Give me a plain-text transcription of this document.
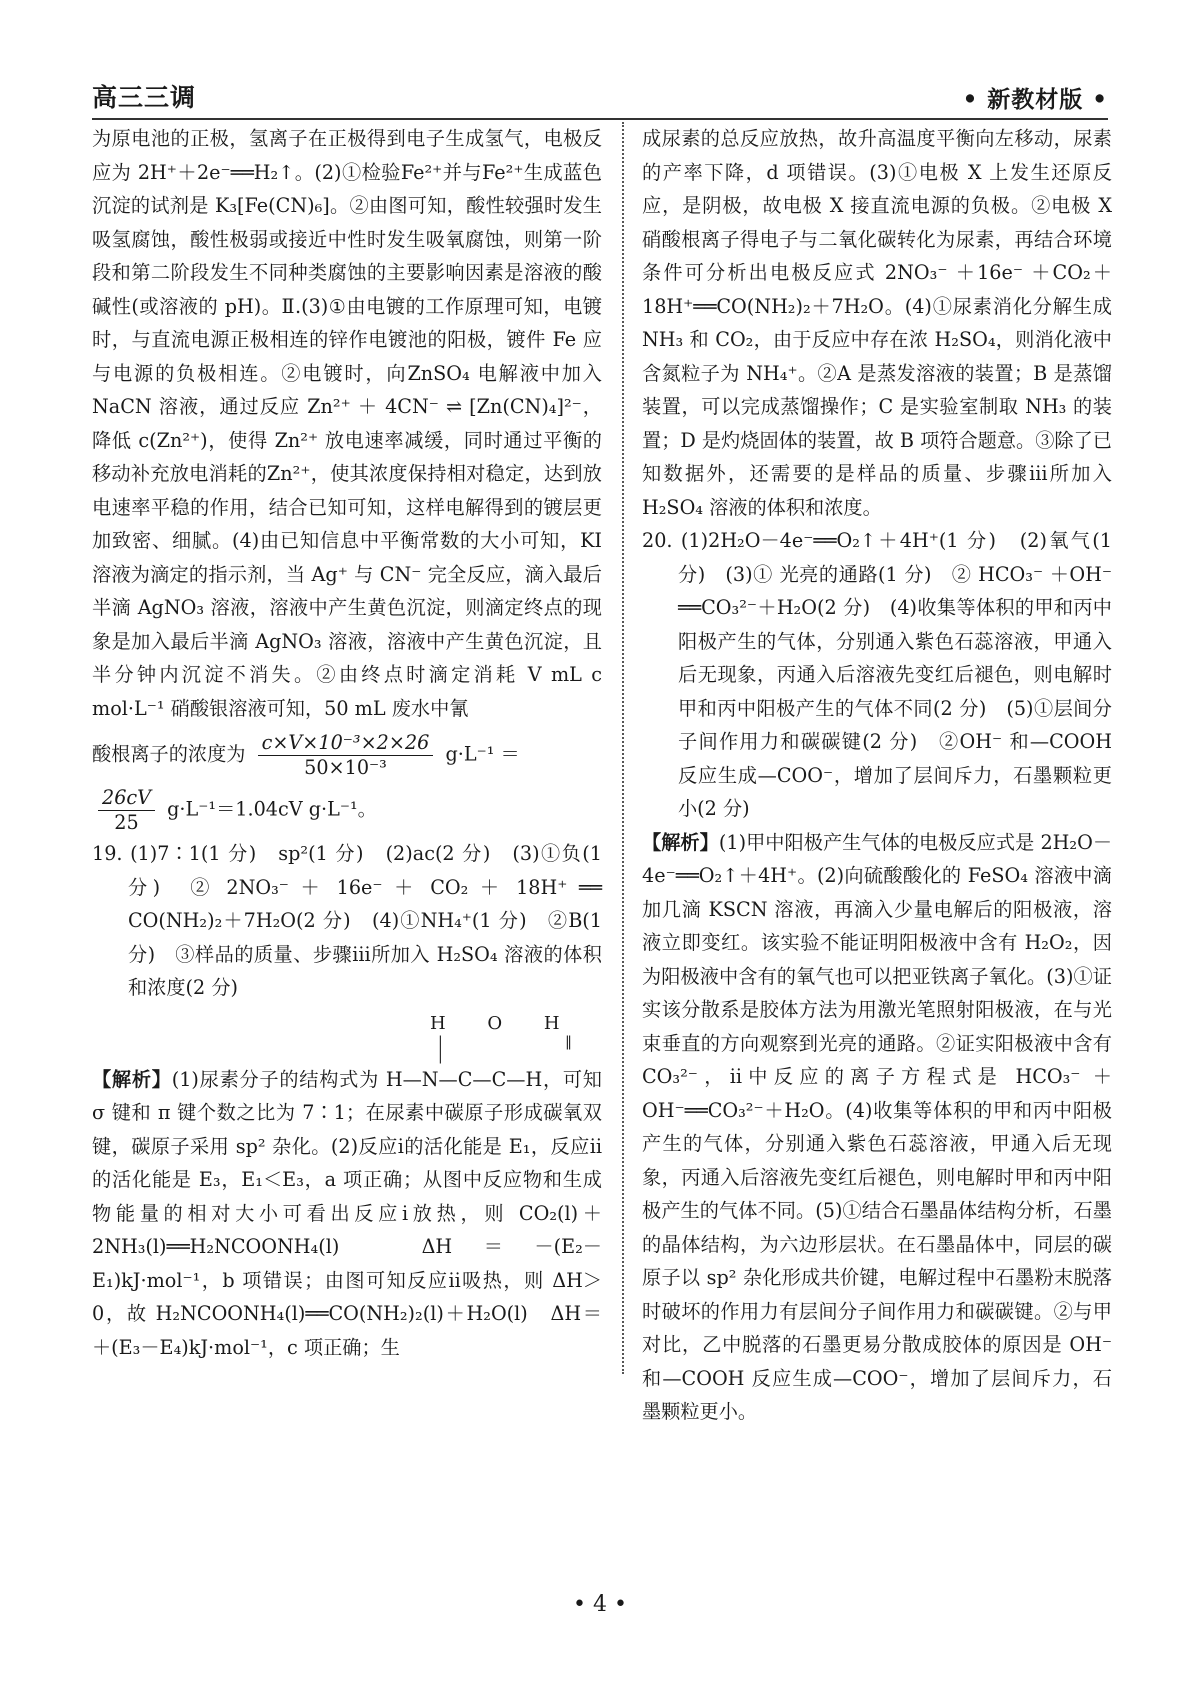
高三三调	• 新教材版 •

为原电池的正极，氢离子在正极得到电子生成氢气，电极反应为 2H⁺＋2e⁻══H₂↑。(2)①检验Fe²⁺并与Fe²⁺生成蓝色沉淀的试剂是 K₃[Fe(CN)₆]。②由图可知，酸性较强时发生吸氢腐蚀，酸性极弱或接近中性时发生吸氧腐蚀，则第一阶段和第二阶段发生不同种类腐蚀的主要影响因素是溶液的酸碱性(或溶液的 pH)。Ⅱ.(3)①由电镀的工作原理可知，电镀时，与直流电源正极相连的锌作电镀池的阳极，镀件 Fe 应与电源的负极相连。②电镀时，向ZnSO₄ 电解液中加入 NaCN 溶液，通过反应 Zn²⁺ ＋ 4CN⁻ ⇌ [Zn(CN)₄]²⁻，降低 c(Zn²⁺)，使得 Zn²⁺ 放电速率减缓，同时通过平衡的移动补充放电消耗的Zn²⁺，使其浓度保持相对稳定，达到放电速率平稳的作用，结合已知可知，这样电解得到的镀层更加致密、细腻。(4)由已知信息中平衡常数的大小可知，KI 溶液为滴定的指示剂，当 Ag⁺ 与 CN⁻ 完全反应，滴入最后半滴 AgNO₃ 溶液，溶液中产生黄色沉淀，则滴定终点的现象是加入最后半滴 AgNO₃ 溶液，溶液中产生黄色沉淀，且半分钟内沉淀不消失。②由终点时滴定消耗 V mL c mol·L⁻¹ 硝酸银溶液可知，50 mL 废水中氰

酸根离子的浓度为 $\frac{\text{c×V×10⁻³×2×26}}{\text{50×10⁻³}} g\cdot L^{-1}$ ＝
$\frac{26cV}{25} g\cdot L^{-1}=1.04cV$ g·L⁻¹。

19. (1)7∶1(1 分)　sp²(1 分)　(2)ac(2 分)　(3)①负(1 分)　② 2NO₃⁻ ＋ 16e⁻ ＋ CO₂ ＋ 18H⁺ ══ CO(NH₂)₂＋7H₂O(2 分)　(4)①NH₄⁺(1 分)　②B(1 分)　③样品的质量、步骤ⅲ所加入 H₂SO₄ 溶液的体积和浓度(2 分)

H O H
| ‖ |

【解析】(1)尿素分子的结构式为 H—N—C—C—H，可知 σ 键和 π 键个数之比为 7∶1；在尿素中碳原子形成碳氧双键，碳原子采用 sp² 杂化。(2)反应ⅰ的活化能是 E₁，反应ⅱ的活化能是 E₃，E₁＜E₃，a 项正确；从图中反应物和生成物能量的相对大小可看出反应ⅰ放热，则 CO₂(l)＋2NH₃(l)══H₂NCOONH₄(l)　ΔH＝－(E₂－E₁)kJ·mol⁻¹，b 项错误；由图可知反应ⅱ吸热，则 ΔH＞0，故 H₂NCOONH₄(l)══CO(NH₂)₂(l)＋H₂O(l)　ΔH＝＋(E₃－E₄)kJ·mol⁻¹，c 项正确；生

成尿素的总反应放热，故升高温度平衡向左移动，尿素的产率下降，d 项错误。(3)①电极 X 上发生还原反应，是阴极，故电极 X 接直流电源的负极。②电极 X 硝酸根离子得电子与二氧化碳转化为尿素，再结合环境条件可分析出电极反应式 2NO₃⁻ ＋16e⁻ ＋CO₂＋18H⁺══CO(NH₂)₂＋7H₂O。(4)①尿素消化分解生成 NH₃ 和 CO₂，由于反应中存在浓 H₂SO₄，则消化液中含氮粒子为 NH₄⁺。②A 是蒸发溶液的装置；B 是蒸馏装置，可以完成蒸馏操作；C 是实验室制取 NH₃ 的装置；D 是灼烧固体的装置，故 B 项符合题意。③除了已知数据外，还需要的是样品的质量、步骤ⅲ所加入 H₂SO₄ 溶液的体积和浓度。

20. (1)2H₂O－4e⁻══O₂↑＋4H⁺(1 分)　(2)氧气(1 分)　(3)① 光亮的通路(1 分)　② HCO₃⁻ ＋OH⁻ ══CO₃²⁻＋H₂O(2 分)　(4)收集等体积的甲和丙中阳极产生的气体，分别通入紫色石蕊溶液，甲通入后无现象，丙通入后溶液先变红后褪色，则电解时甲和丙中阳极产生的气体不同(2 分)　(5)①层间分子间作用力和碳碳键(2 分)　②OH⁻ 和—COOH 反应生成—COO⁻，增加了层间斥力，石墨颗粒更小(2 分)

【解析】(1)甲中阳极产生气体的电极反应式是 2H₂O－4e⁻══O₂↑＋4H⁺。(2)向硫酸酸化的 FeSO₄ 溶液中滴加几滴 KSCN 溶液，再滴入少量电解后的阳极液，溶液立即变红。该实验不能证明阳极液中含有 H₂O₂，因为阳极液中含有的氧气也可以把亚铁离子氧化。(3)①证实该分散系是胶体方法为用激光笔照射阳极液，在与光束垂直的方向观察到光亮的通路。②证实阳极液中含有 CO₃²⁻，ⅱ中反应的离子方程式是 HCO₃⁻ ＋OH⁻══CO₃²⁻＋H₂O。(4)收集等体积的甲和丙中阳极产生的气体，分别通入紫色石蕊溶液，甲通入后无现象，丙通入后溶液先变红后褪色，则电解时甲和丙中阳极产生的气体不同。(5)①结合石墨晶体结构分析，石墨的晶体结构，为六边形层状。在石墨晶体中，同层的碳原子以 sp² 杂化形成共价键，电解过程中石墨粉末脱落时破坏的作用力有层间分子间作用力和碳碳键。②与甲对比，乙中脱落的石墨更易分散成胶体的原因是 OH⁻ 和—COOH 反应生成—COO⁻，增加了层间斥力，石墨颗粒更小。

• 4 •
